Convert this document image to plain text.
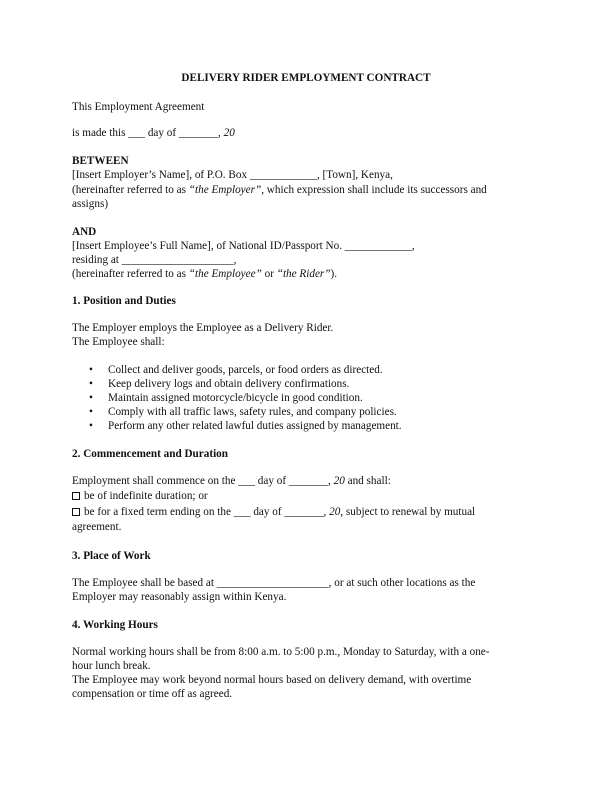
DELIVERY RIDER EMPLOYMENT CONTRACT
This Employment Agreement
is made this ___ day of _______, 20
BETWEEN
[Insert Employer’s Name], of P.O. Box ____________, [Town], Kenya,
(hereinafter referred to as “the Employer”, which expression shall include its successors and
assigns)
AND
[Insert Employee’s Full Name], of National ID/Passport No. ____________,
residing at ____________________,
(hereinafter referred to as “the Employee” or “the Rider”).
1. Position and Duties
The Employer employs the Employee as a Delivery Rider.
The Employee shall:
• Collect and deliver goods, parcels, or food orders as directed.
• Keep delivery logs and obtain delivery confirmations.
• Maintain assigned motorcycle/bicycle in good condition.
• Comply with all traffic laws, safety rules, and company policies.
• Perform any other related lawful duties assigned by management.
2. Commencement and Duration
Employment shall commence on the ___ day of _______, 20 and shall:
be of indefinite duration; or
be for a fixed term ending on the ___ day of _______, 20, subject to renewal by mutual
agreement.
3. Place of Work
The Employee shall be based at ____________________, or at such other locations as the
Employer may reasonably assign within Kenya.
4. Working Hours
Normal working hours shall be from 8:00 a.m. to 5:00 p.m., Monday to Saturday, with a one-
hour lunch break.
The Employee may work beyond normal hours based on delivery demand, with overtime
compensation or time off as agreed.
